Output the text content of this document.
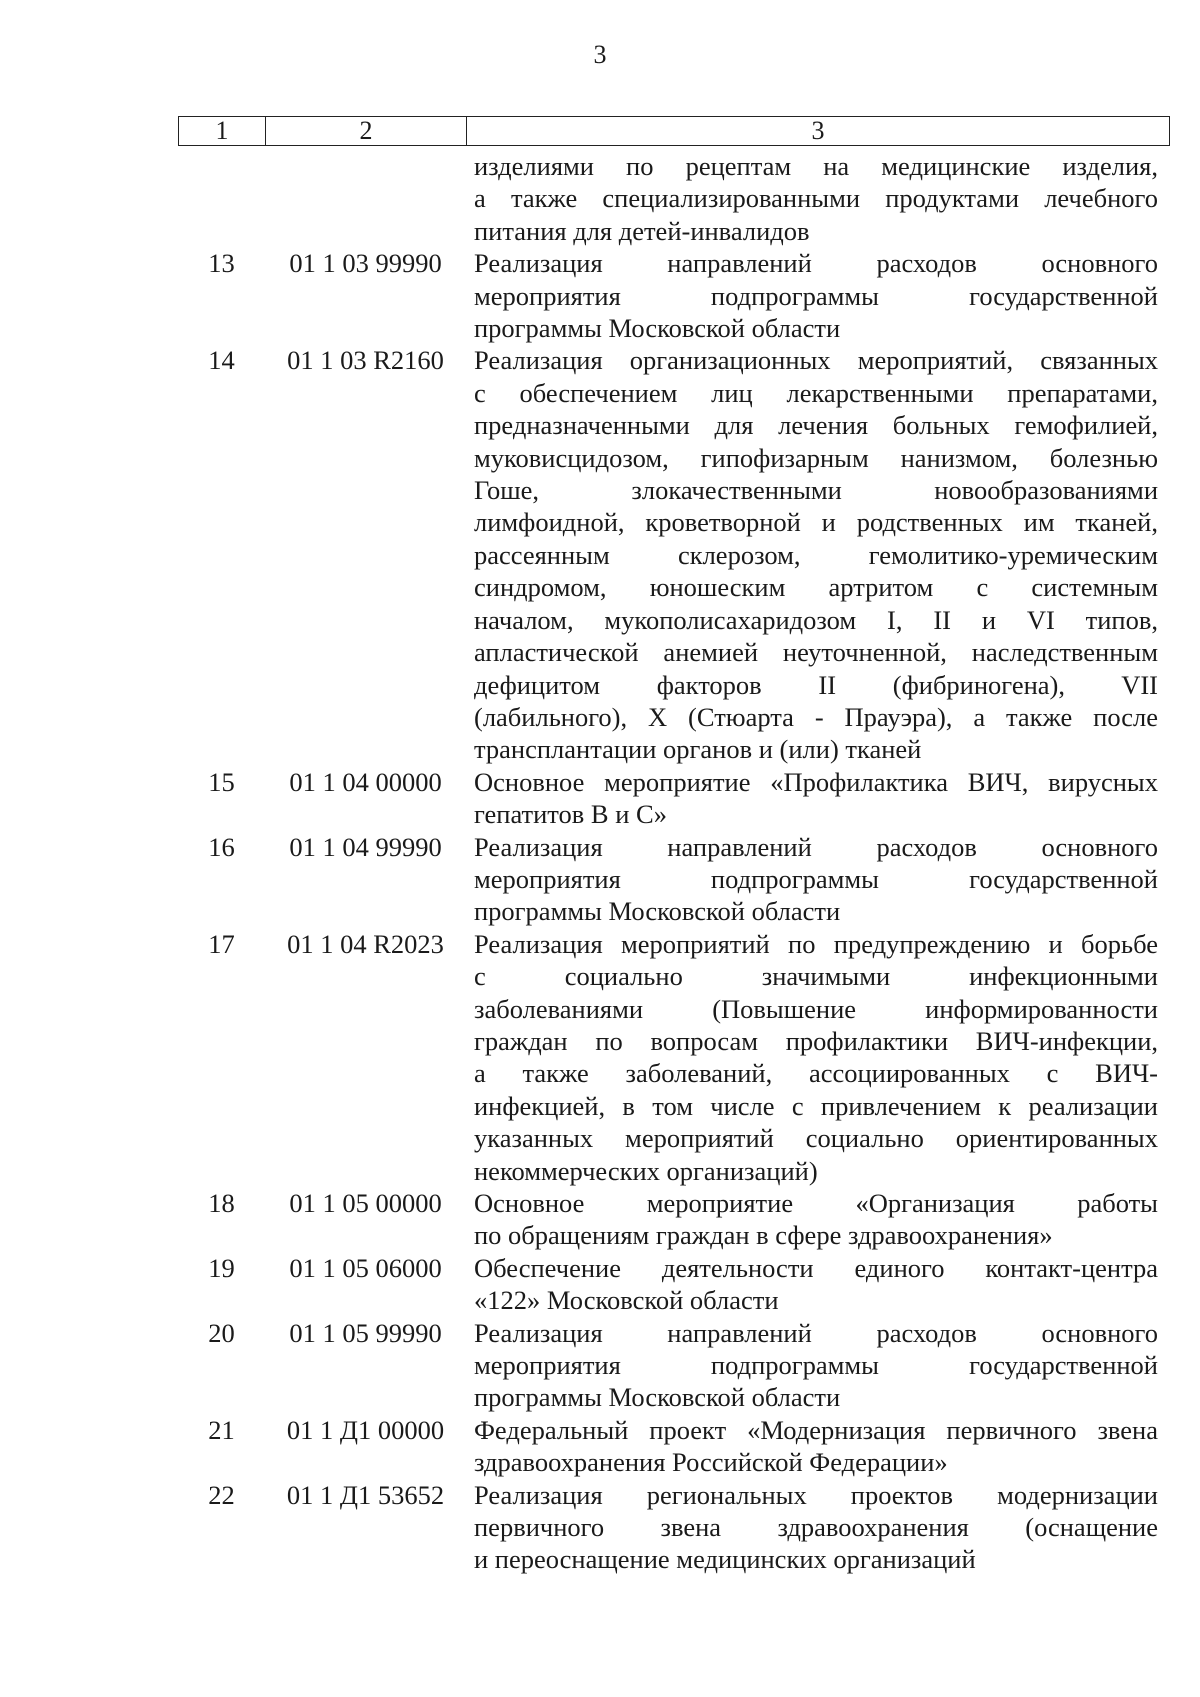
3
1	2	3
изделиями по рецептам на медицинские изделия,
а также специализированными продуктами лечебного
питания для детей-инвалидов
13	01 1 03 99990	Реализация направлений расходов основного
мероприятия подпрограммы государственной
программы Московской области
14	01 1 03 R2160	Реализация организационных мероприятий, связанных
с обеспечением лиц лекарственными препаратами,
предназначенными для лечения больных гемофилией,
муковисцидозом, гипофизарным нанизмом, болезнью
Гоше, злокачественными новообразованиями
лимфоидной, кроветворной и родственных им тканей,
рассеянным склерозом, гемолитико-уремическим
синдромом, юношеским артритом с системным
началом, мукополисахаридозом I, II и VI типов,
апластической анемией неуточненной, наследственным
дефицитом факторов II (фибриногена), VII
(лабильного), X (Стюарта - Прауэра), а также после
трансплантации органов и (или) тканей
15	01 1 04 00000	Основное мероприятие «Профилактика ВИЧ, вирусных
гепатитов В и С»
16	01 1 04 99990	Реализация направлений расходов основного
мероприятия подпрограммы государственной
программы Московской области
17	01 1 04 R2023	Реализация мероприятий по предупреждению и борьбе
с социально значимыми инфекционными
заболеваниями (Повышение информированности
граждан по вопросам профилактики ВИЧ-инфекции,
а также заболеваний, ассоциированных с ВИЧ-
инфекцией, в том числе с привлечением к реализации
указанных мероприятий социально ориентированных
некоммерческих организаций)
18	01 1 05 00000	Основное мероприятие «Организация работы
по обращениям граждан в сфере здравоохранения»
19	01 1 05 06000	Обеспечение деятельности единого контакт-центра
«122» Московской области
20	01 1 05 99990	Реализация направлений расходов основного
мероприятия подпрограммы государственной
программы Московской области
21	01 1 Д1 00000	Федеральный проект «Модернизация первичного звена
здравоохранения Российской Федерации»
22	01 1 Д1 53652	Реализация региональных проектов модернизации
первичного звена здравоохранения (оснащение
и переоснащение медицинских организаций
